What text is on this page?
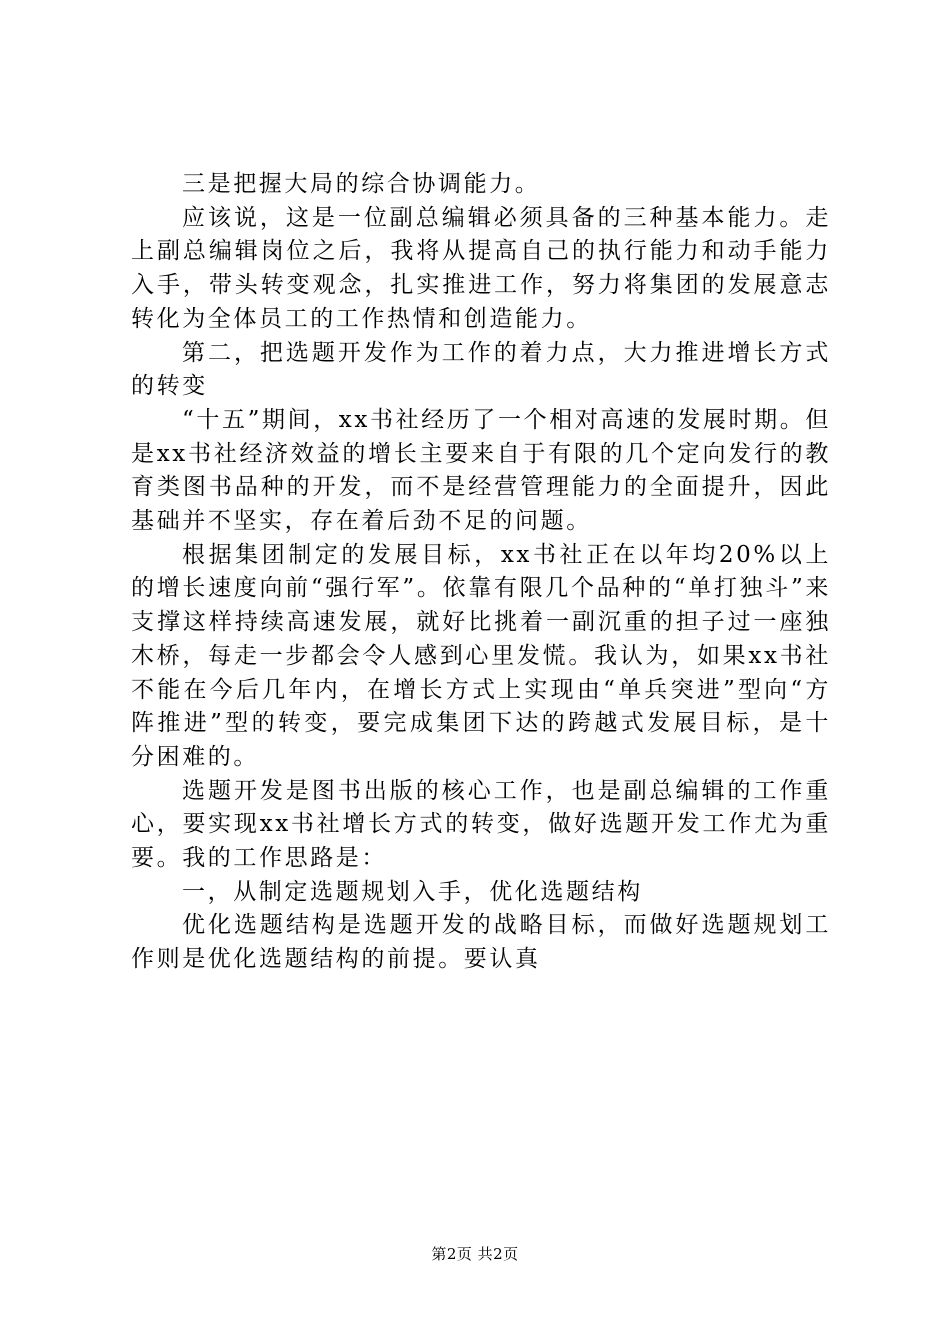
三是把握大局的综合协调能力。

应该说，这是一位副总编辑必须具备的三种基本能力。走上副总编辑岗位之后，我将从提高自己的执行能力和动手能力入手，带头转变观念，扎实推进工作，努力将集团的发展意志转化为全体员工的工作热情和创造能力。

第二，把选题开发作为工作的着力点，大力推进增长方式的转变

“十五”期间，xx书社经历了一个相对高速的发展时期。但是xx书社经济效益的增长主要来自于有限的几个定向发行的教育类图书品种的开发，而不是经营管理能力的全面提升，因此基础并不坚实，存在着后劲不足的问题。

根据集团制定的发展目标，xx书社正在以年均20%以上的增长速度向前“强行军”。依靠有限几个品种的“单打独斗”来支撑这样持续高速发展，就好比挑着一副沉重的担子过一座独木桥，每走一步都会令人感到心里发慌。我认为，如果xx书社不能在今后几年内，在增长方式上实现由“单兵突进”型向“方阵推进”型的转变，要完成集团下达的跨越式发展目标，是十分困难的。

选题开发是图书出版的核心工作，也是副总编辑的工作重心，要实现xx书社增长方式的转变，做好选题开发工作尤为重要。我的工作思路是：

一，从制定选题规划入手，优化选题结构

优化选题结构是选题开发的战略目标，而做好选题规划工作则是优化选题结构的前提。要认真

第2页 共2页
